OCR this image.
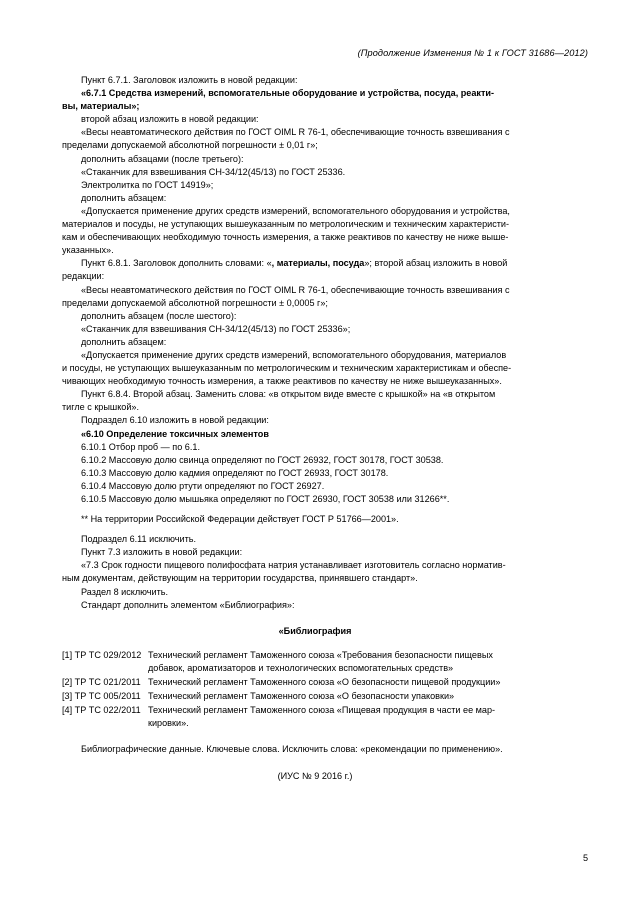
(Продолжение Изменения № 1 к ГОСТ 31686—2012)

Пункт 6.7.1. Заголовок изложить в новой редакции:

«6.7.1 Средства измерений, вспомогательные оборудование и устройства, посуда, реакти-

вы, материалы»;

второй абзац изложить в новой редакции:

«Весы неавтоматического действия по ГОСТ OIML R 76-1, обеспечивающие точность взвешивания с

пределами допускаемой абсолютной погрешности ± 0,01 г»;

дополнить абзацами (после третьего):

«Стаканчик для взвешивания СН-34/12(45/13) по ГОСТ 25336.

Электролитка по ГОСТ 14919»;

дополнить абзацем:

«Допускается применение других средств измерений, вспомогательного оборудования и устройства,

материалов и посуды, не уступающих вышеуказанным по метрологическим и техническим характеристи-

кам и обеспечивающих необходимую точность измерения, а также реактивов по качеству не ниже выше-

указанных».

Пункт 6.8.1. Заголовок дополнить словами: «, материалы, посуда»; второй абзац изложить в новой

редакции:

«Весы неавтоматического действия по ГОСТ OIML R 76-1, обеспечивающие точность взвешивания с

пределами допускаемой абсолютной погрешности ± 0,0005 г»;

дополнить абзацем (после шестого):

«Стаканчик для взвешивания СН-34/12(45/13) по ГОСТ 25336»;

дополнить абзацем:

«Допускается применение других средств измерений, вспомогательного оборудования, материалов

и посуды, не уступающих вышеуказанным по метрологическим и техническим характеристикам и обеспе-

чивающих необходимую точность измерения, а также реактивов по качеству не ниже вышеуказанных».

Пункт 6.8.4. Второй абзац. Заменить слова: «в открытом виде вместе с крышкой» на «в открытом

тигле с крышкой».

Подраздел 6.10 изложить в новой редакции:

«6.10 Определение токсичных элементов

6.10.1 Отбор проб — по 6.1.

6.10.2 Массовую долю свинца определяют по ГОСТ 26932, ГОСТ 30178, ГОСТ 30538.

6.10.3 Массовую долю кадмия определяют по ГОСТ 26933, ГОСТ 30178.

6.10.4 Массовую долю ртути определяют по ГОСТ 26927.

6.10.5 Массовую долю мышьяка определяют по ГОСТ 26930, ГОСТ 30538 или 31266**.

** На территории Российской Федерации действует ГОСТ Р 51766—2001».

Подраздел 6.11 исключить.

Пункт 7.3 изложить в новой редакции:

«7.3 Срок годности пищевого полифосфата натрия устанавливает изготовитель согласно норматив-

ным документам, действующим на территории государства, принявшего стандарт».

Раздел 8 исключить.

Стандарт дополнить элементом «Библиография»:

«Библиография
[1] ТР ТС 029/2012	Технический регламент Таможенного союза «Требования безопасности пищевых
добавок, ароматизаторов и технологических вспомогательных средств»

[2] ТР ТС 021/2011	Технический регламент Таможенного союза «О безопасности пищевой продукции»

[3] ТР ТС 005/2011	Технический регламент Таможенного союза «О безопасности упаковки»

[4] ТР ТС 022/2011	Технический регламент Таможенного союза «Пищевая продукция в части ее мар-
кировки».

Библиографические данные. Ключевые слова. Исключить слова: «рекомендации по применению».

(ИУС № 9 2016 г.)

5
